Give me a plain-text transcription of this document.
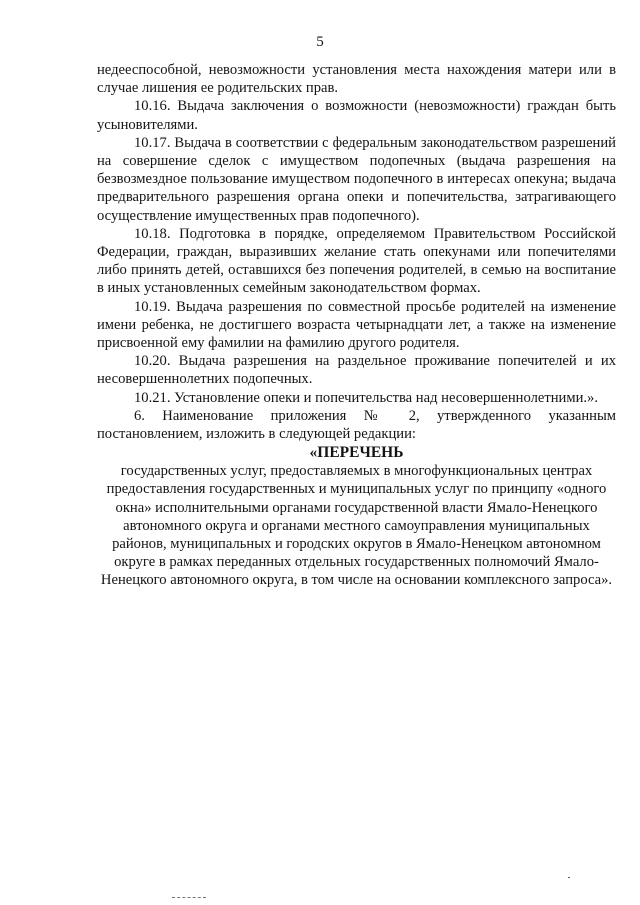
5

недееспособной, невозможности установления места нахождения матери или в случае лишения ее родительских прав.

10.16. Выдача заключения о возможности (невозможности) граждан быть усыновителями.

10.17. Выдача в соответствии с федеральным законодательством разрешений на совершение сделок с имуществом подопечных (выдача разрешения на безвозмездное пользование имуществом подопечного в интересах опекуна; выдача предварительного разрешения органа опеки и попечительства, затрагивающего осуществление имущественных прав подопечного).

10.18. Подготовка в порядке, определяемом Правительством Российской Федерации, граждан, выразивших желание стать опекунами или попечителями либо принять детей, оставшихся без попечения родителей, в семью на воспитание в иных установленных семейным законодательством формах.

10.19. Выдача разрешения по совместной просьбе родителей на изменение имени ребенка, не достигшего возраста четырнадцати лет, а также на изменение присвоенной ему фамилии на фамилию другого родителя.

10.20. Выдача разрешения на раздельное проживание попечителей и их несовершеннолетних подопечных.

10.21. Установление опеки и попечительства над несовершеннолетними.».

6. Наименование приложения № 2, утвержденного указанным постановлением, изложить в следующей редакции:

«ПЕРЕЧЕНЬ

государственных услуг, предоставляемых в многофункциональных центрах предоставления государственных и муниципальных услуг по принципу «одного окна» исполнительными органами государственной власти Ямало-Ненецкого автономного округа и органами местного самоуправления муниципальных районов, муниципальных и городских округов в Ямало-Ненецком автономном округе в рамках переданных отдельных государственных полномочий Ямало-Ненецкого автономного округа, в том числе на основании комплексного запроса».
